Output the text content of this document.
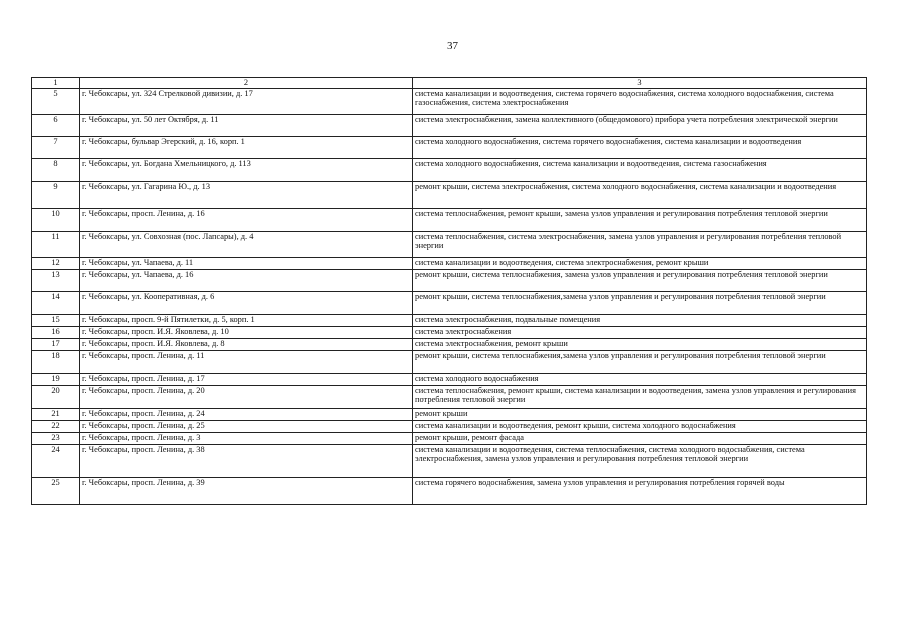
37
1	2	3
5	г. Чебоксары, ул. 324 Стрелковой дивизии, д. 17	система канализации и водоотведения, система горячего водоснабжения, система холодного водоснабжения, система газоснабжения, система электроснабжения
6	г. Чебоксары, ул. 50 лет Октября, д. 11	система электроснабжения, замена коллективного (общедомового) прибора учета потребления электрической энергии
7	г. Чебоксары, бульвар Эгерский, д. 16, корп. 1	система холодного водоснабжения, система горячего водоснабжения, система канализации и водоотведения
8	г. Чебоксары, ул. Богдана Хмельницкого, д. 113	система холодного водоснабжения, система канализации и водоотведения, система газоснабжения
9	г. Чебоксары, ул. Гагарина Ю., д. 13	ремонт крыши, система электроснабжения, система холодного водоснабжения, система канализации и водоотведения
10	г. Чебоксары, просп. Ленина, д. 16	система теплоснабжения, ремонт крыши, замена узлов управления и регулирования потребления тепловой энергии
11	г. Чебоксары, ул. Совхозная (пос. Лапсары), д. 4	система теплоснабжения, система электроснабжения, замена узлов управления и регулирования потребления тепловой энергии
12	г. Чебоксары, ул. Чапаева, д. 11	система канализации и водоотведения, система электроснабжения, ремонт крыши
13	г. Чебоксары, ул. Чапаева, д. 16	ремонт крыши, система теплоснабжения, замена узлов управления и регулирования потребления тепловой энергии
14	г. Чебоксары, ул. Кооперативная, д. 6	ремонт крыши, система теплоснабжения,замена узлов управления и регулирования потребления тепловой энергии
15	г. Чебоксары, просп. 9-й Пятилетки, д. 5, корп. 1	система электроснабжения, подвальные помещения
16	г. Чебоксары, просп. И.Я. Яковлева, д. 10	система электроснабжения
17	г. Чебоксары, просп. И.Я. Яковлева, д. 8	система электроснабжения, ремонт крыши
18	г. Чебоксары, просп. Ленина, д. 11	ремонт крыши, система теплоснабжения,замена узлов управления и регулирования потребления тепловой энергии
19	г. Чебоксары, просп. Ленина, д. 17	система холодного водоснабжения
20	г. Чебоксары, просп. Ленина, д. 20	система теплоснабжения, ремонт крыши, система канализации и водоотведения, замена узлов управления и регулирования потребления тепловой энергии
21	г. Чебоксары, просп. Ленина, д. 24	ремонт крыши
22	г. Чебоксары, просп. Ленина, д. 25	система канализации и водоотведения, ремонт крыши, система холодного водоснабжения
23	г. Чебоксары, просп. Ленина, д. 3	ремонт крыши, ремонт фасада
24	г. Чебоксары, просп. Ленина, д. 38	система канализации и водоотведения, система теплоснабжения, система холодного водоснабжения, система электроснабжения, замена узлов управления и регулирования потребления тепловой энергии
25	г. Чебоксары, просп. Ленина, д. 39	система горячего водоснабжения, замена узлов управления и регулирования потребления горячей воды
